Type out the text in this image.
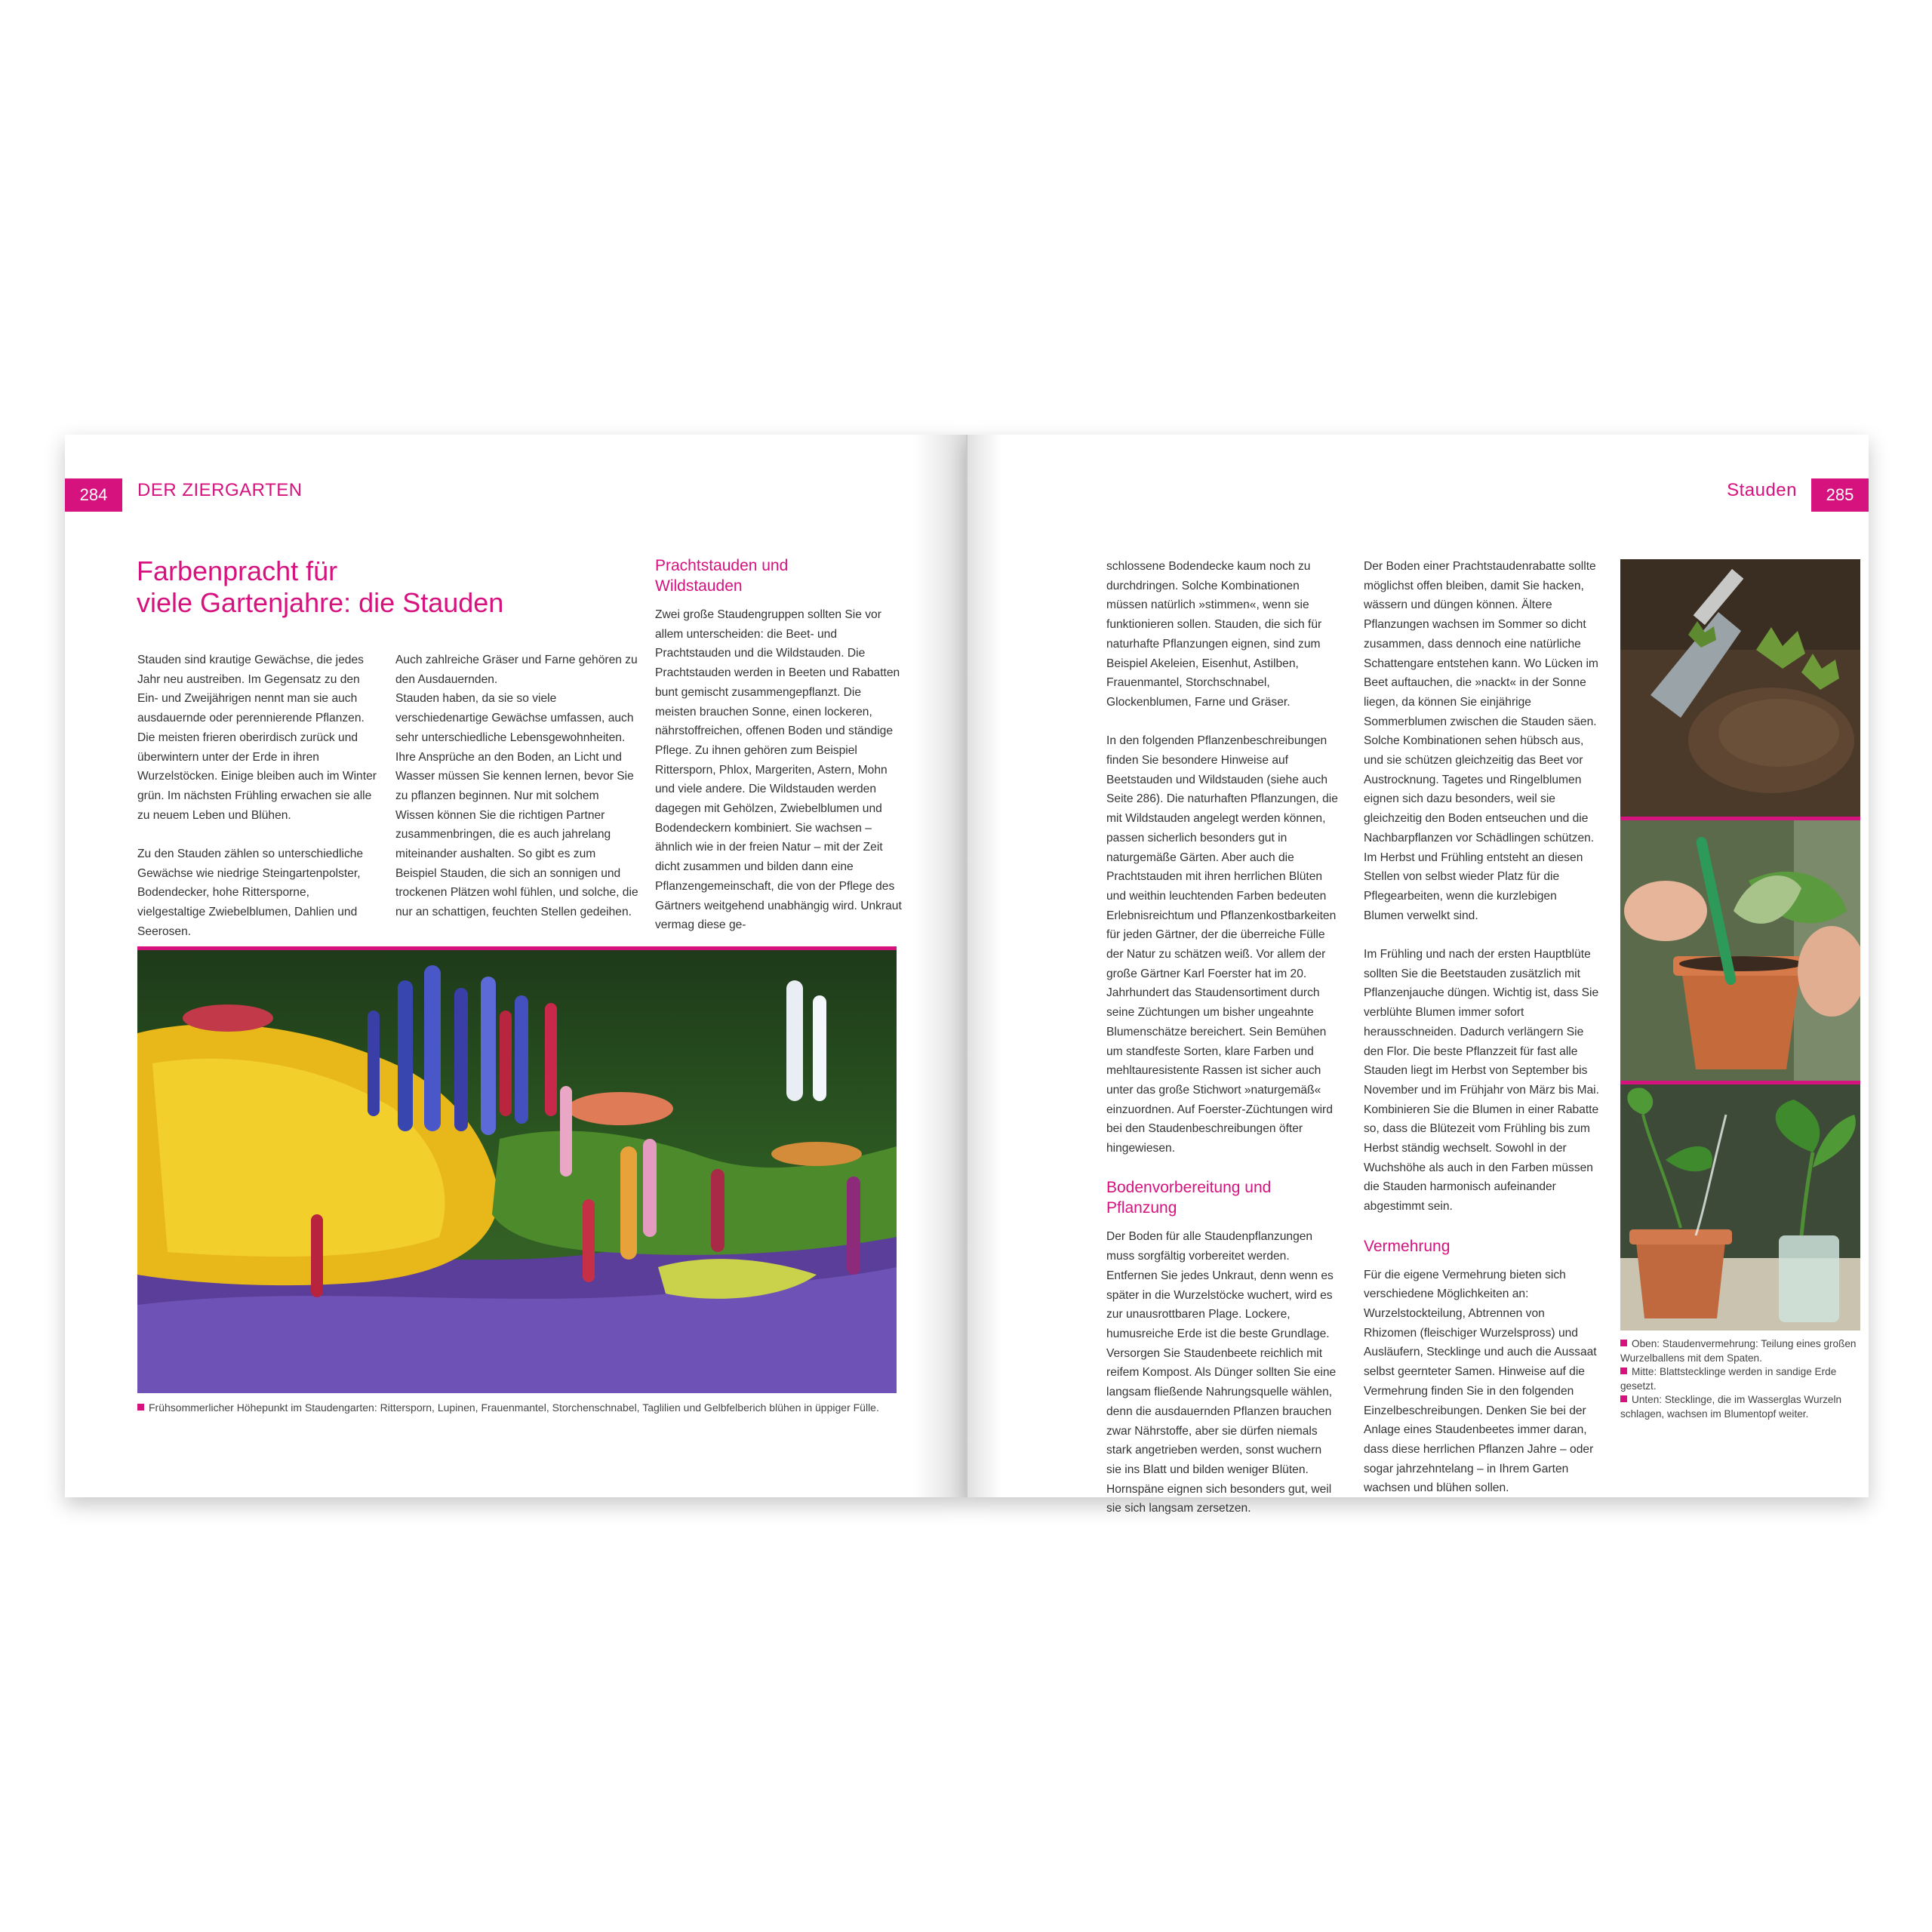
284	DER ZIERGARTEN
Farbenpracht für
viele Gartenjahre: die Stauden

Stauden sind krautige Gewächse, die jedes Jahr neu austreiben. Im Gegensatz zu den Ein- und Zweijährigen nennt man sie auch ausdauernde oder perennierende Pflanzen. Die meisten frieren oberirdisch zurück und überwintern unter der Erde in ihren Wurzelstöcken. Einige bleiben auch im Winter grün. Im nächsten Frühling erwachen sie alle zu neuem Leben und Blühen.

Zu den Stauden zählen so unterschiedliche Gewächse wie niedrige Steingartenpolster, Bodendecker, hohe Rittersporne, vielgestaltige Zwiebelblumen, Dahlien und Seerosen.

Auch zahlreiche Gräser und Farne gehören zu den Ausdauernden.

Stauden haben, da sie so viele verschiedenartige Gewächse umfassen, auch sehr unterschiedliche Lebensgewohnheiten. Ihre Ansprüche an den Boden, an Licht und Wasser müssen Sie kennen lernen, bevor Sie zu pflanzen beginnen. Nur mit solchem Wissen können Sie die richtigen Partner zusammenbringen, die es auch jahrelang miteinander aushalten. So gibt es zum Beispiel Stauden, die sich an sonnigen und trockenen Plätzen wohl fühlen, und solche, die nur an schattigen, feuchten Stellen gedeihen.

Prachtstauden und
Wildstauden

Zwei große Staudengruppen sollten Sie vor allem unterscheiden: die Beet- und Prachtstauden und die Wildstauden. Die Prachtstauden werden in Beeten und Rabatten bunt gemischt zusammengepflanzt. Die meisten brauchen Sonne, einen lockeren, nährstoffreichen, offenen Boden und ständige Pflege. Zu ihnen gehören zum Beispiel Rittersporn, Phlox, Margeriten, Astern, Mohn und viele andere. Die Wildstauden werden dagegen mit Gehölzen, Zwiebelblumen und Bodendeckern kombiniert. Sie wachsen – ähnlich wie in der freien Natur – mit der Zeit dicht zusammen und bilden dann eine Pflanzengemeinschaft, die von der Pflege des Gärtners weitgehend unabhängig wird. Unkraut vermag diese ge-

Frühsommerlicher Höhepunkt im Staudengarten: Rittersporn, Lupinen, Frauenmantel, Storchenschnabel, Taglilien und Gelbfelberich blühen in üppiger Fülle.
285
Stauden

schlossene Bodendecke kaum noch zu durchdringen. Solche Kombinationen müssen natürlich »stimmen«, wenn sie funktionieren sollen. Stauden, die sich für naturhafte Pflanzungen eignen, sind zum Beispiel Akeleien, Eisenhut, Astilben, Frauenmantel, Storchschnabel, Glockenblumen, Farne und Gräser.

In den folgenden Pflanzenbeschreibungen finden Sie besondere Hinweise auf Beetstauden und Wildstauden (siehe auch Seite 286). Die naturhaften Pflanzungen, die mit Wildstauden angelegt werden können, passen sicherlich besonders gut in naturgemäße Gärten. Aber auch die Prachtstauden mit ihren herrlichen Blüten und weithin leuchtenden Farben bedeuten Erlebnisreichtum und Pflanzenkostbarkeiten für jeden Gärtner, der die überreiche Fülle der Natur zu schätzen weiß. Vor allem der große Gärtner Karl Foerster hat im 20. Jahrhundert das Staudensortiment durch seine Züchtungen um bisher ungeahnte Blumenschätze bereichert. Sein Bemühen um standfeste Sorten, klare Farben und mehltauresistente Rassen ist sicher auch unter das große Stichwort »naturgemäß« einzuordnen. Auf Foerster-Züchtungen wird bei den Staudenbeschreibungen öfter hingewiesen.

Bodenvorbereitung und Pflanzung

Der Boden für alle Staudenpflanzungen muss sorgfältig vorbereitet werden. Entfernen Sie jedes Unkraut, denn wenn es später in die Wurzelstöcke wuchert, wird es zur unausrottbaren Plage. Lockere, humusreiche Erde ist die beste Grundlage. Versorgen Sie Staudenbeete reichlich mit reifem Kompost. Als Dünger sollten Sie eine langsam fließende Nahrungsquelle wählen, denn die ausdauernden Pflanzen brauchen zwar Nährstoffe, aber sie dürfen niemals stark angetrieben werden, sonst wuchern sie ins Blatt und bilden weniger Blüten. Hornspäne eignen sich besonders gut, weil sie sich langsam zersetzen.

Der Boden einer Prachtstaudenrabatte sollte möglichst offen bleiben, damit Sie hacken, wässern und düngen können. Ältere Pflanzungen wachsen im Sommer so dicht zusammen, dass dennoch eine natürliche Schattengare entstehen kann. Wo Lücken im Beet auftauchen, die »nackt« in der Sonne liegen, da können Sie einjährige Sommerblumen zwischen die Stauden säen. Solche Kombinationen sehen hübsch aus, und sie schützen gleichzeitig das Beet vor Austrocknung. Tagetes und Ringelblumen eignen sich dazu besonders, weil sie gleichzeitig den Boden entseuchen und die Nachbarpflanzen vor Schädlingen schützen. Im Herbst und Frühling entsteht an diesen Stellen von selbst wieder Platz für die Pflegearbeiten, wenn die kurzlebigen Blumen verwelkt sind.

Im Frühling und nach der ersten Hauptblüte sollten Sie die Beetstauden zusätzlich mit Pflanzenjauche düngen. Wichtig ist, dass Sie verblühte Blumen immer sofort herausschneiden. Dadurch verlängern Sie den Flor. Die beste Pflanzzeit für fast alle Stauden liegt im Herbst von September bis November und im Frühjahr von März bis Mai. Kombinieren Sie die Blumen in einer Rabatte so, dass die Blütezeit vom Frühling bis zum Herbst ständig wechselt. Sowohl in der Wuchshöhe als auch in den Farben müssen die Stauden harmonisch aufeinander abgestimmt sein.

Vermehrung

Für die eigene Vermehrung bieten sich verschiedene Möglichkeiten an: Wurzelstockteilung, Abtrennen von Rhizomen (fleischiger Wurzelspross) und Ausläufern, Stecklinge und auch die Aussaat selbst geernteter Samen. Hinweise auf die Vermehrung finden Sie in den folgenden Einzelbeschreibungen. Denken Sie bei der Anlage eines Staudenbeetes immer daran, dass diese herrlichen Pflanzen Jahre – oder sogar jahrzehntelang – in Ihrem Garten wachsen und blühen sollen.

Oben: Staudenvermehrung: Teilung eines großen Wurzelballens mit dem Spaten.

Mitte: Blattstecklinge werden in sandige Erde gesetzt.

Unten: Stecklinge, die im Wasserglas Wurzeln schlagen, wachsen im Blumentopf weiter.
